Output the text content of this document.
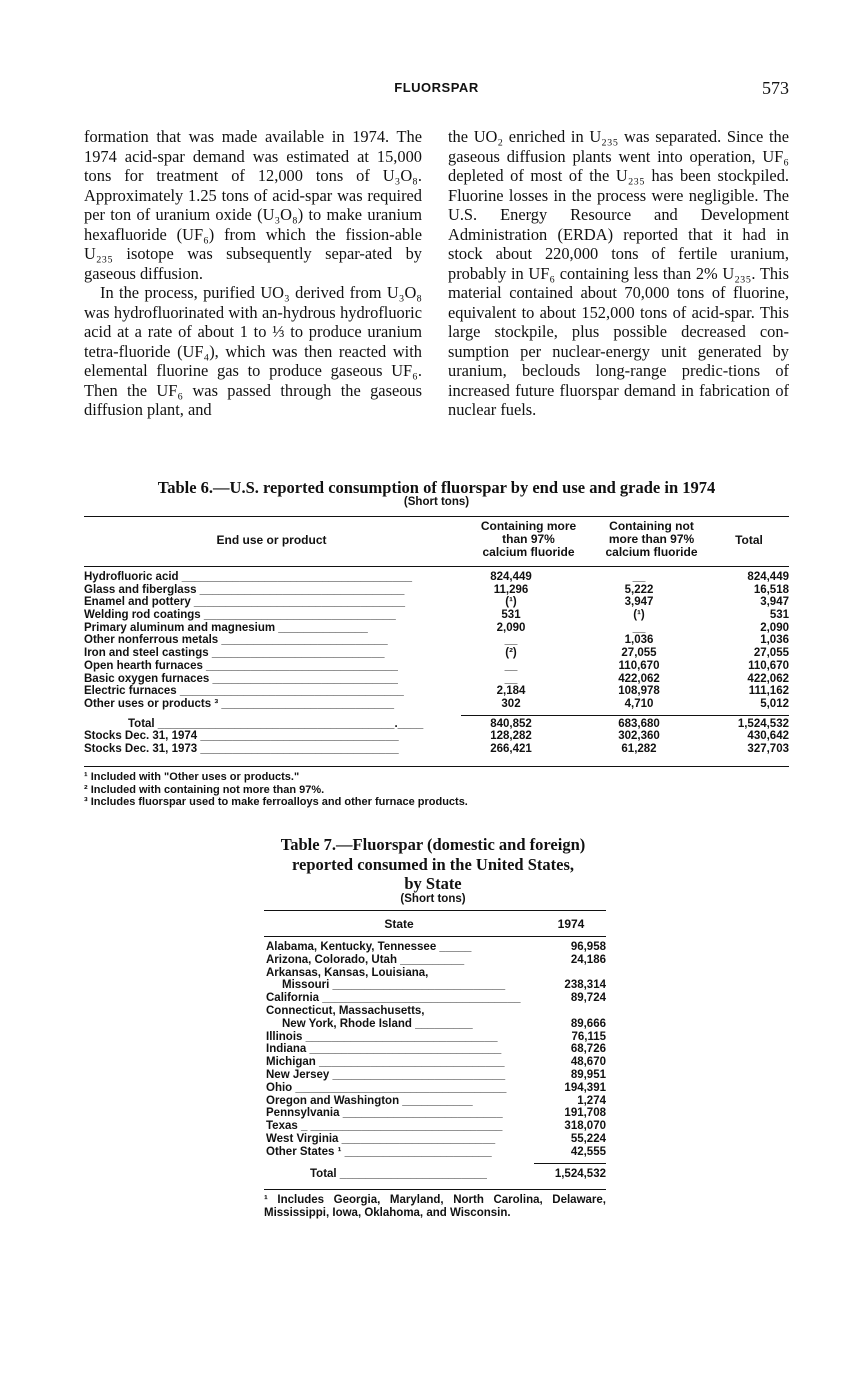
FLUORSPAR	573

formation that was made available in 1974. The 1974 acid-spar demand was estimated at 15,000 tons for treatment of 12,000 tons of U₃O₈. Approximately 1.25 tons of acid-spar was required per ton of uranium oxide (U₃O₈) to make uranium hexafluoride (UF₆) from which the fission-able U₂₃₅ isotope was subsequently separ-ated by gaseous diffusion.

In the process, purified UO₃ derived from U₃O₈ was hydrofluorinated with an-hydrous hydrofluoric acid at a rate of about 1 to ⅓ to produce uranium tetra-fluoride (UF₄), which was then reacted with elemental fluorine gas to produce gaseous UF₆. Then the UF₆ was passed through the gaseous diffusion plant, and

the UO₂ enriched in U₂₃₅ was separated. Since the gaseous diffusion plants went into operation, UF₆ depleted of most of the U₂₃₅ has been stockpiled. Fluorine losses in the process were negligible. The U.S. Energy Resource and Development Administration (ERDA) reported that it had in stock about 220,000 tons of fertile uranium, probably in UF₆ containing less than 2% U₂₃₅. This material contained about 70,000 tons of fluorine, equivalent to about 152,000 tons of acid-spar. This large stockpile, plus possible decreased con-sumption per nuclear-energy unit generated by uranium, beclouds long-range predic-tions of increased future fluorspar demand in fabrication of nuclear fuels.

Table 6.—U.S. reported consumption of fluorspar by end use and grade in 1974
(Short tons)
End use or product
Containing more
than 97%
calcium fluoride
Containing not
more than 97%
calcium fluoride
Total
Hydrofluoric acid ____________________________________	824,449	__	824,449
Glass and fiberglass ________________________________	11,296	5,222	16,518
Enamel and pottery _________________________________	(¹)	3,947	3,947
Welding rod coatings ______________________________	531	(¹)	531
Primary aluminum and magnesium ______________	2,090	__	2,090
Other nonferrous metals __________________________	__	1,036	1,036
Iron and steel castings ___________________________	(²)	27,055	27,055
Open hearth furnaces ______________________________	__	110,670	110,670
Basic oxygen furnaces _____________________________	__	422,062	422,062
Electric furnaces ___________________________________	2,184	108,978	111,162
Other uses or products ³ ___________________________	302	4,710	5,012
Total _____________________________________.____	840,852	683,680	1,524,532
Stocks Dec. 31, 1974 _______________________________	128,282	302,360	430,642
Stocks Dec. 31, 1973 _______________________________	266,421	61,282	327,703
¹ Included with "Other uses or products."
² Included with containing not more than 97%.
³ Includes fluorspar used to make ferroalloys and other furnace products.
Table 7.—Fluorspar (domestic and foreign)
reported consumed in the United States,
by State
(Short tons)
State	1974
Alabama, Kentucky, Tennessee _____	96,958
Arizona, Colorado, Utah __________	24,186
Arkansas, Kansas, Louisiana,
Missouri ___________________________	238,314
California _______________________________	89,724
Connecticut, Massachusetts,
New York, Rhode Island _________	89,666
Illinois ______________________________	76,115
Indiana ______________________________	68,726
Michigan _____________________________	48,670
New Jersey ___________________________	89,951
Ohio _________________________________	194,391
Oregon and Washington ___________	1,274
Pennsylvania _________________________	191,708
Texas _ ______________________________	318,070
West Virginia ________________________	55,224
Other States ¹ _______________________	42,555
Total _______________________	1,524,532
¹ Includes Georgia, Maryland, North Carolina, Delaware, Mississippi, Iowa, Oklahoma, and Wisconsin.
